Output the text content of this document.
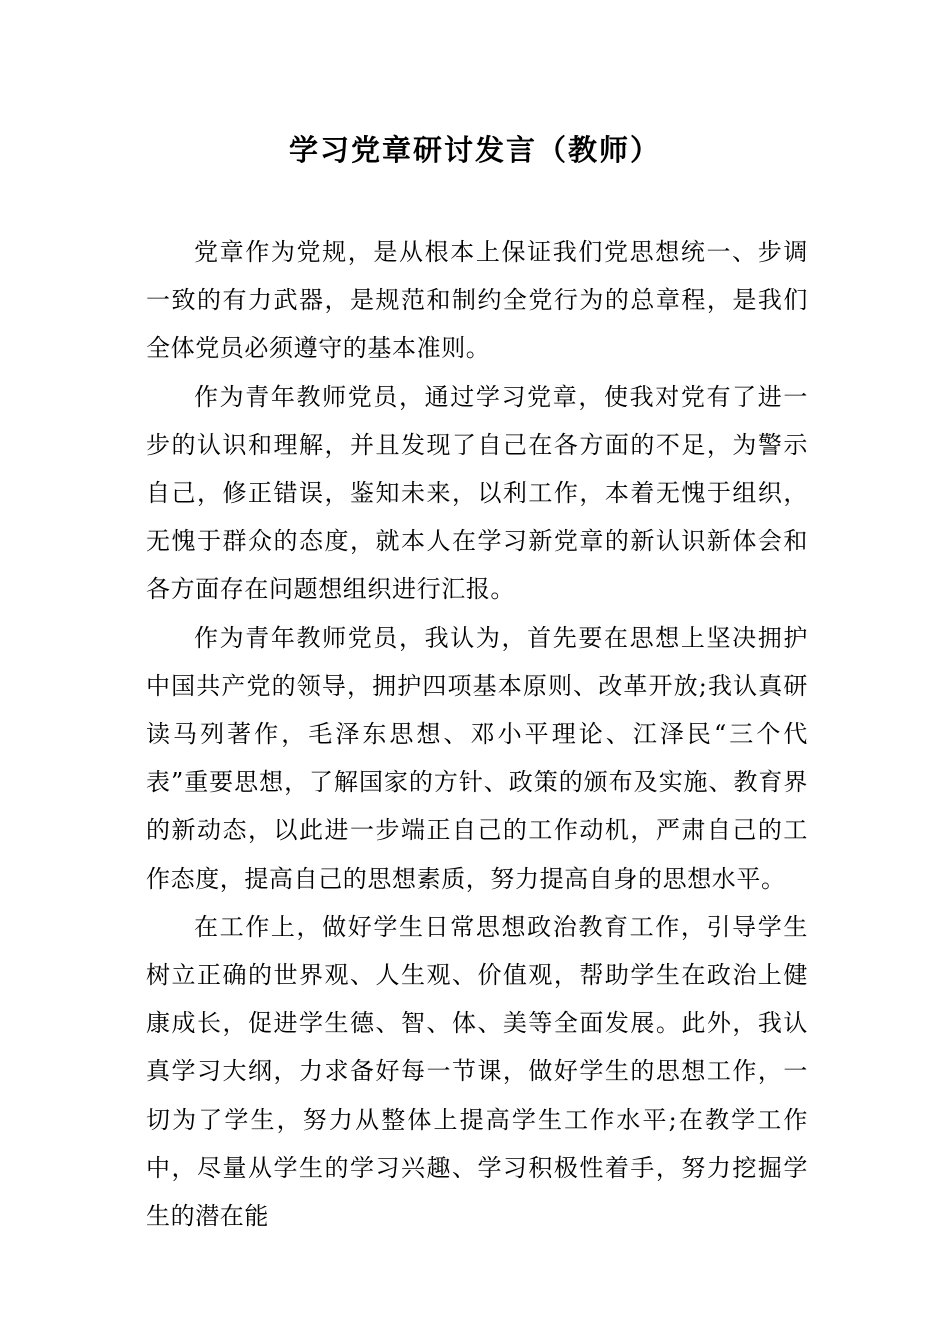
学习党章研讨发言（教师）

党章作为党规，是从根本上保证我们党思想统一、步调一致的有力武器，是规范和制约全党行为的总章程，是我们全体党员必须遵守的基本准则。

作为青年教师党员，通过学习党章，使我对党有了进一步的认识和理解，并且发现了自己在各方面的不足，为警示自己，修正错误，鉴知未来，以利工作，本着无愧于组织，无愧于群众的态度，就本人在学习新党章的新认识新体会和各方面存在问题想组织进行汇报。

作为青年教师党员，我认为，首先要在思想上坚决拥护中国共产党的领导，拥护四项基本原则、改革开放;我认真研读马列著作，毛泽东思想、邓小平理论、江泽民“三个代表”重要思想，了解国家的方针、政策的颁布及实施、教育界的新动态，以此进一步端正自己的工作动机，严肃自己的工作态度，提高自己的思想素质，努力提高自身的思想水平。

在工作上，做好学生日常思想政治教育工作，引导学生树立正确的世界观、人生观、价值观，帮助学生在政治上健康成长，促进学生德、智、体、美等全面发展。此外，我认真学习大纲，力求备好每一节课，做好学生的思想工作，一切为了学生，努力从整体上提高学生工作水平;在教学工作中，尽量从学生的学习兴趣、学习积极性着手，努力挖掘学生的潜在能
